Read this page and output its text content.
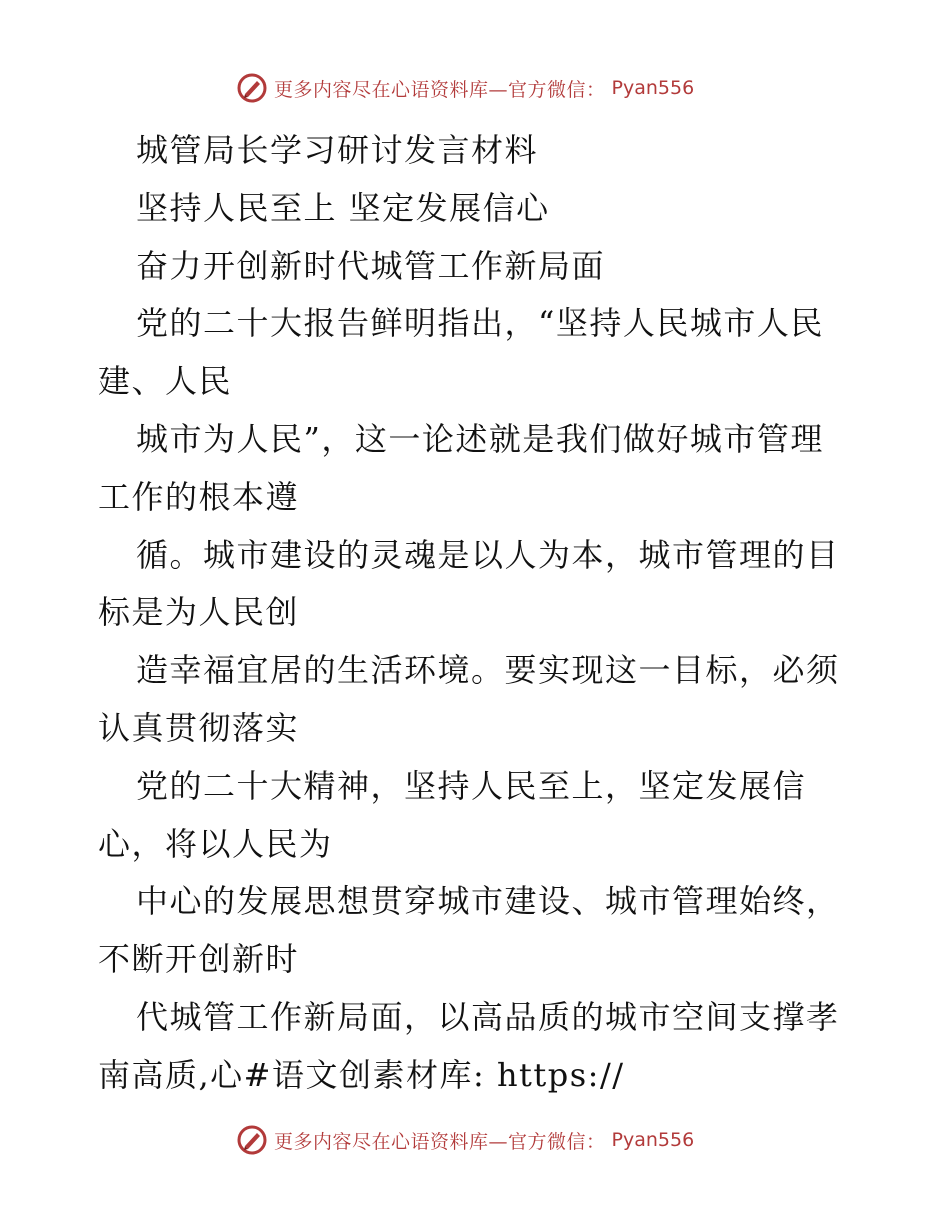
更多内容尽在心语资料库—官方微信： Pyan556
城管局长学习研讨发言材料
坚持人民至上 坚定发展信心
奋力开创新时代城管工作新局面
党的二十大报告鲜明指出，“坚持人民城市人民
建、人民
城市为人民”，这一论述就是我们做好城市管理
工作的根本遵
循。城市建设的灵魂是以人为本，城市管理的目
标是为人民创
造幸福宜居的生活环境。要实现这一目标，必须
认真贯彻落实
党的二十大精神，坚持人民至上，坚定发展信
心，将以人民为
中心的发展思想贯穿城市建设、城市管理始终，
不断开创新时
代城管工作新局面，以高品质的城市空间支撑孝
南高质,心#语文创素材库: https://
更多内容尽在心语资料库—官方微信： Pyan556
